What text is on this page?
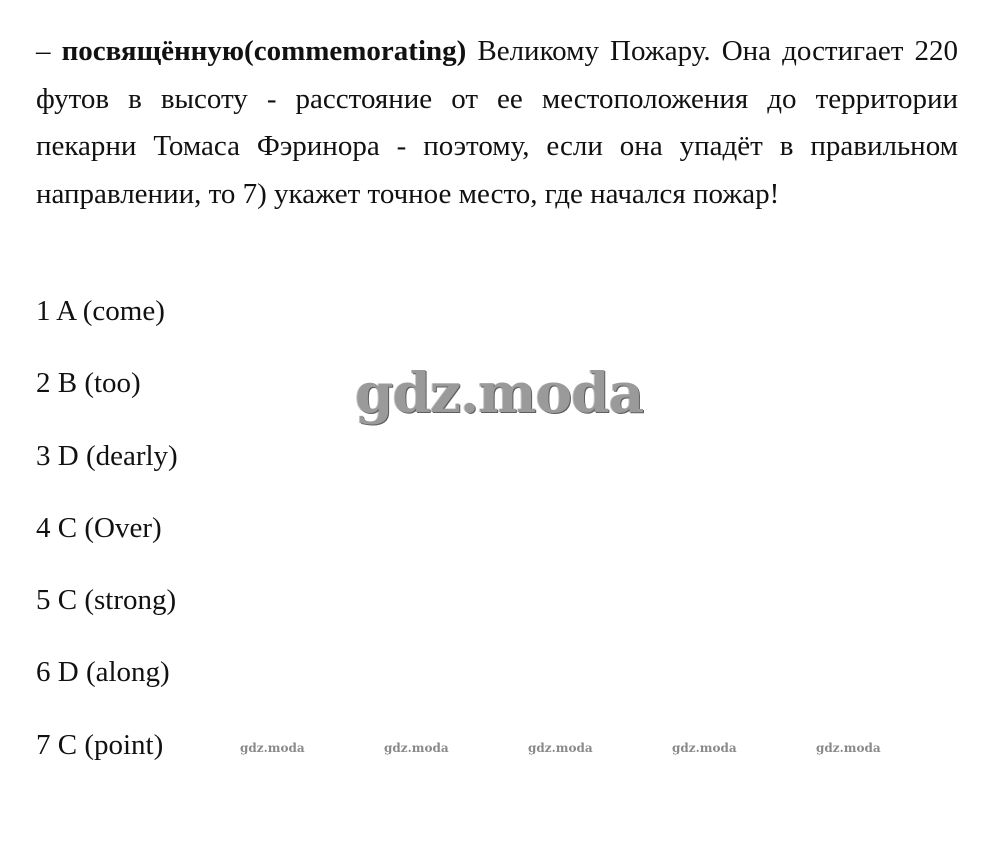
– посвящённую(commemorating) Великому Пожару. Она достигает 220 футов в высоту - расстояние от ее местоположения до территории пекарни Томаса Фэринора - поэтому, если она упадёт в правильном направлении, то 7) укажет точное место, где начался пожар!

1 A (come)
2 B (too)
3 D (dearly)
4 C (Over)
5 C (strong)
6 D (along)
7 C (point)
gdz.moda
gdz.moda	gdz.moda	gdz.moda	gdz.moda	gdz.moda
